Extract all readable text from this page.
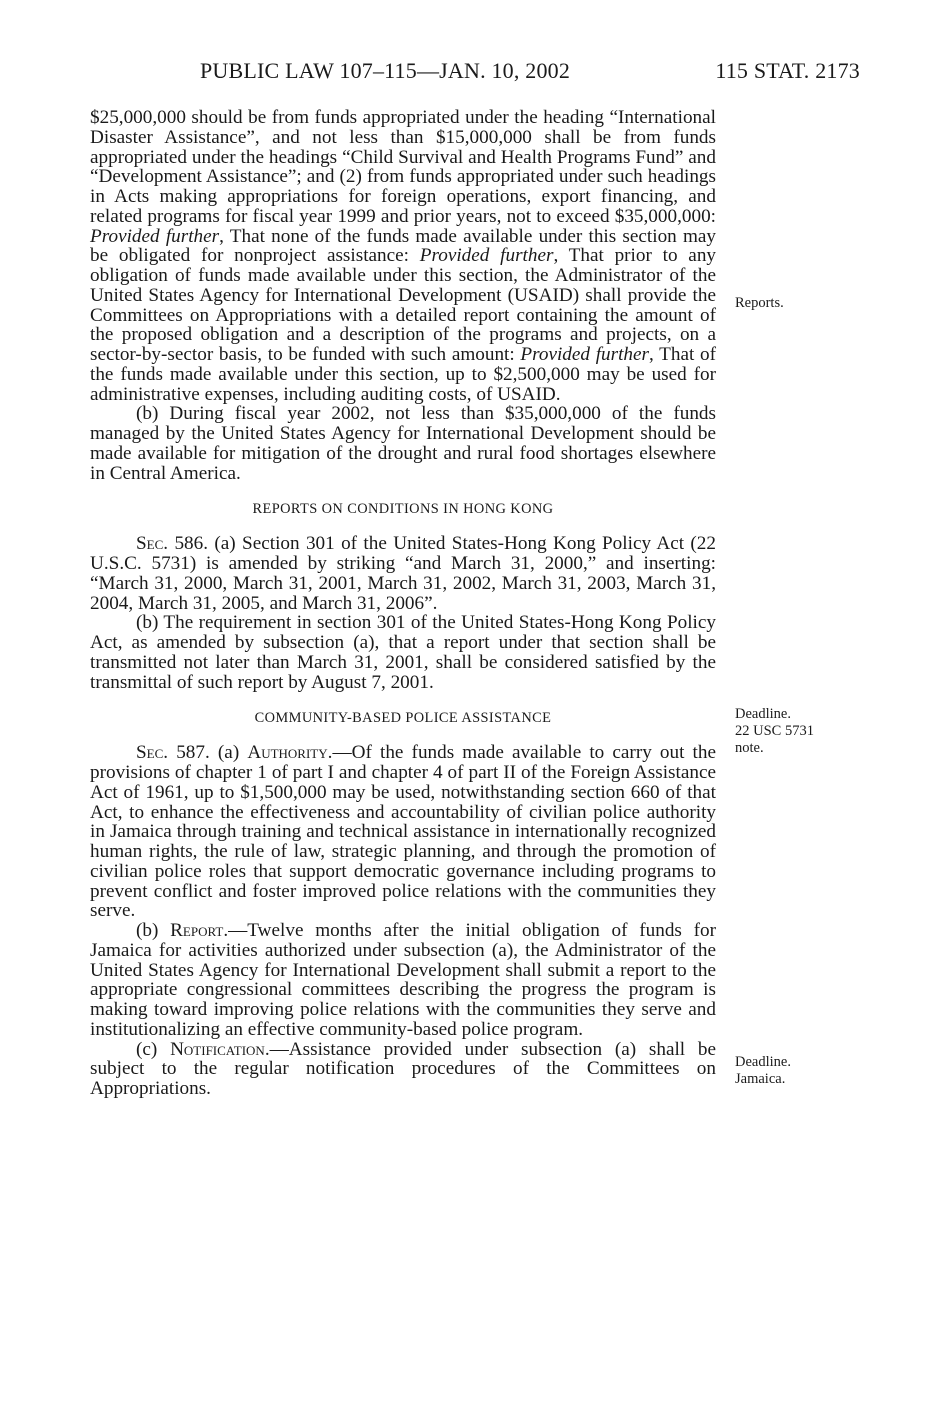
PUBLIC LAW 107–115—JAN. 10, 2002	115 STAT. 2173

$25,000,000 should be from funds appropriated under the heading “International Disaster Assistance”, and not less than $15,000,000 shall be from funds appropriated under the headings “Child Survival and Health Programs Fund” and “Development Assistance”; and (2) from funds appropriated under such headings in Acts making appropriations for foreign operations, export financing, and related programs for fiscal year 1999 and prior years, not to exceed $35,000,000: Provided further, That none of the funds made available under this section may be obligated for nonproject assistance: Provided further, That prior to any obligation of funds made available under this section, the Administrator of the United States Agency for International Development (USAID) shall provide the Committees on Appropriations with a detailed report containing the amount of the proposed obligation and a description of the programs and projects, on a sector-by-sector basis, to be funded with such amount: Provided further, That of the funds made available under this section, up to $2,500,000 may be used for administrative expenses, including auditing costs, of USAID.

(b) During fiscal year 2002, not less than $35,000,000 of the funds managed by the United States Agency for International Development should be made available for mitigation of the drought and rural food shortages elsewhere in Central America.

REPORTS ON CONDITIONS IN HONG KONG

Sec. 586. (a) Section 301 of the United States-Hong Kong Policy Act (22 U.S.C. 5731) is amended by striking “and March 31, 2000,” and inserting: “March 31, 2000, March 31, 2001, March 31, 2002, March 31, 2003, March 31, 2004, March 31, 2005, and March 31, 2006”.

(b) The requirement in section 301 of the United States-Hong Kong Policy Act, as amended by subsection (a), that a report under that section shall be transmitted not later than March 31, 2001, shall be considered satisfied by the transmittal of such report by August 7, 2001.

COMMUNITY-BASED POLICE ASSISTANCE

Sec. 587. (a) Authority.—Of the funds made available to carry out the provisions of chapter 1 of part I and chapter 4 of part II of the Foreign Assistance Act of 1961, up to $1,500,000 may be used, notwithstanding section 660 of that Act, to enhance the effectiveness and accountability of civilian police authority in Jamaica through training and technical assistance in internationally recognized human rights, the rule of law, strategic planning, and through the promotion of civilian police roles that support democratic governance including programs to prevent conflict and foster improved police relations with the communities they serve.

(b) Report.—Twelve months after the initial obligation of funds for Jamaica for activities authorized under subsection (a), the Administrator of the United States Agency for International Development shall submit a report to the appropriate congressional committees describing the progress the program is making toward improving police relations with the communities they serve and institutionalizing an effective community-based police program.

(c) Notification.—Assistance provided under subsection (a) shall be subject to the regular notification procedures of the Committees on Appropriations.

Reports.
Deadline.
22 USC 5731
note.
Deadline.
Jamaica.
